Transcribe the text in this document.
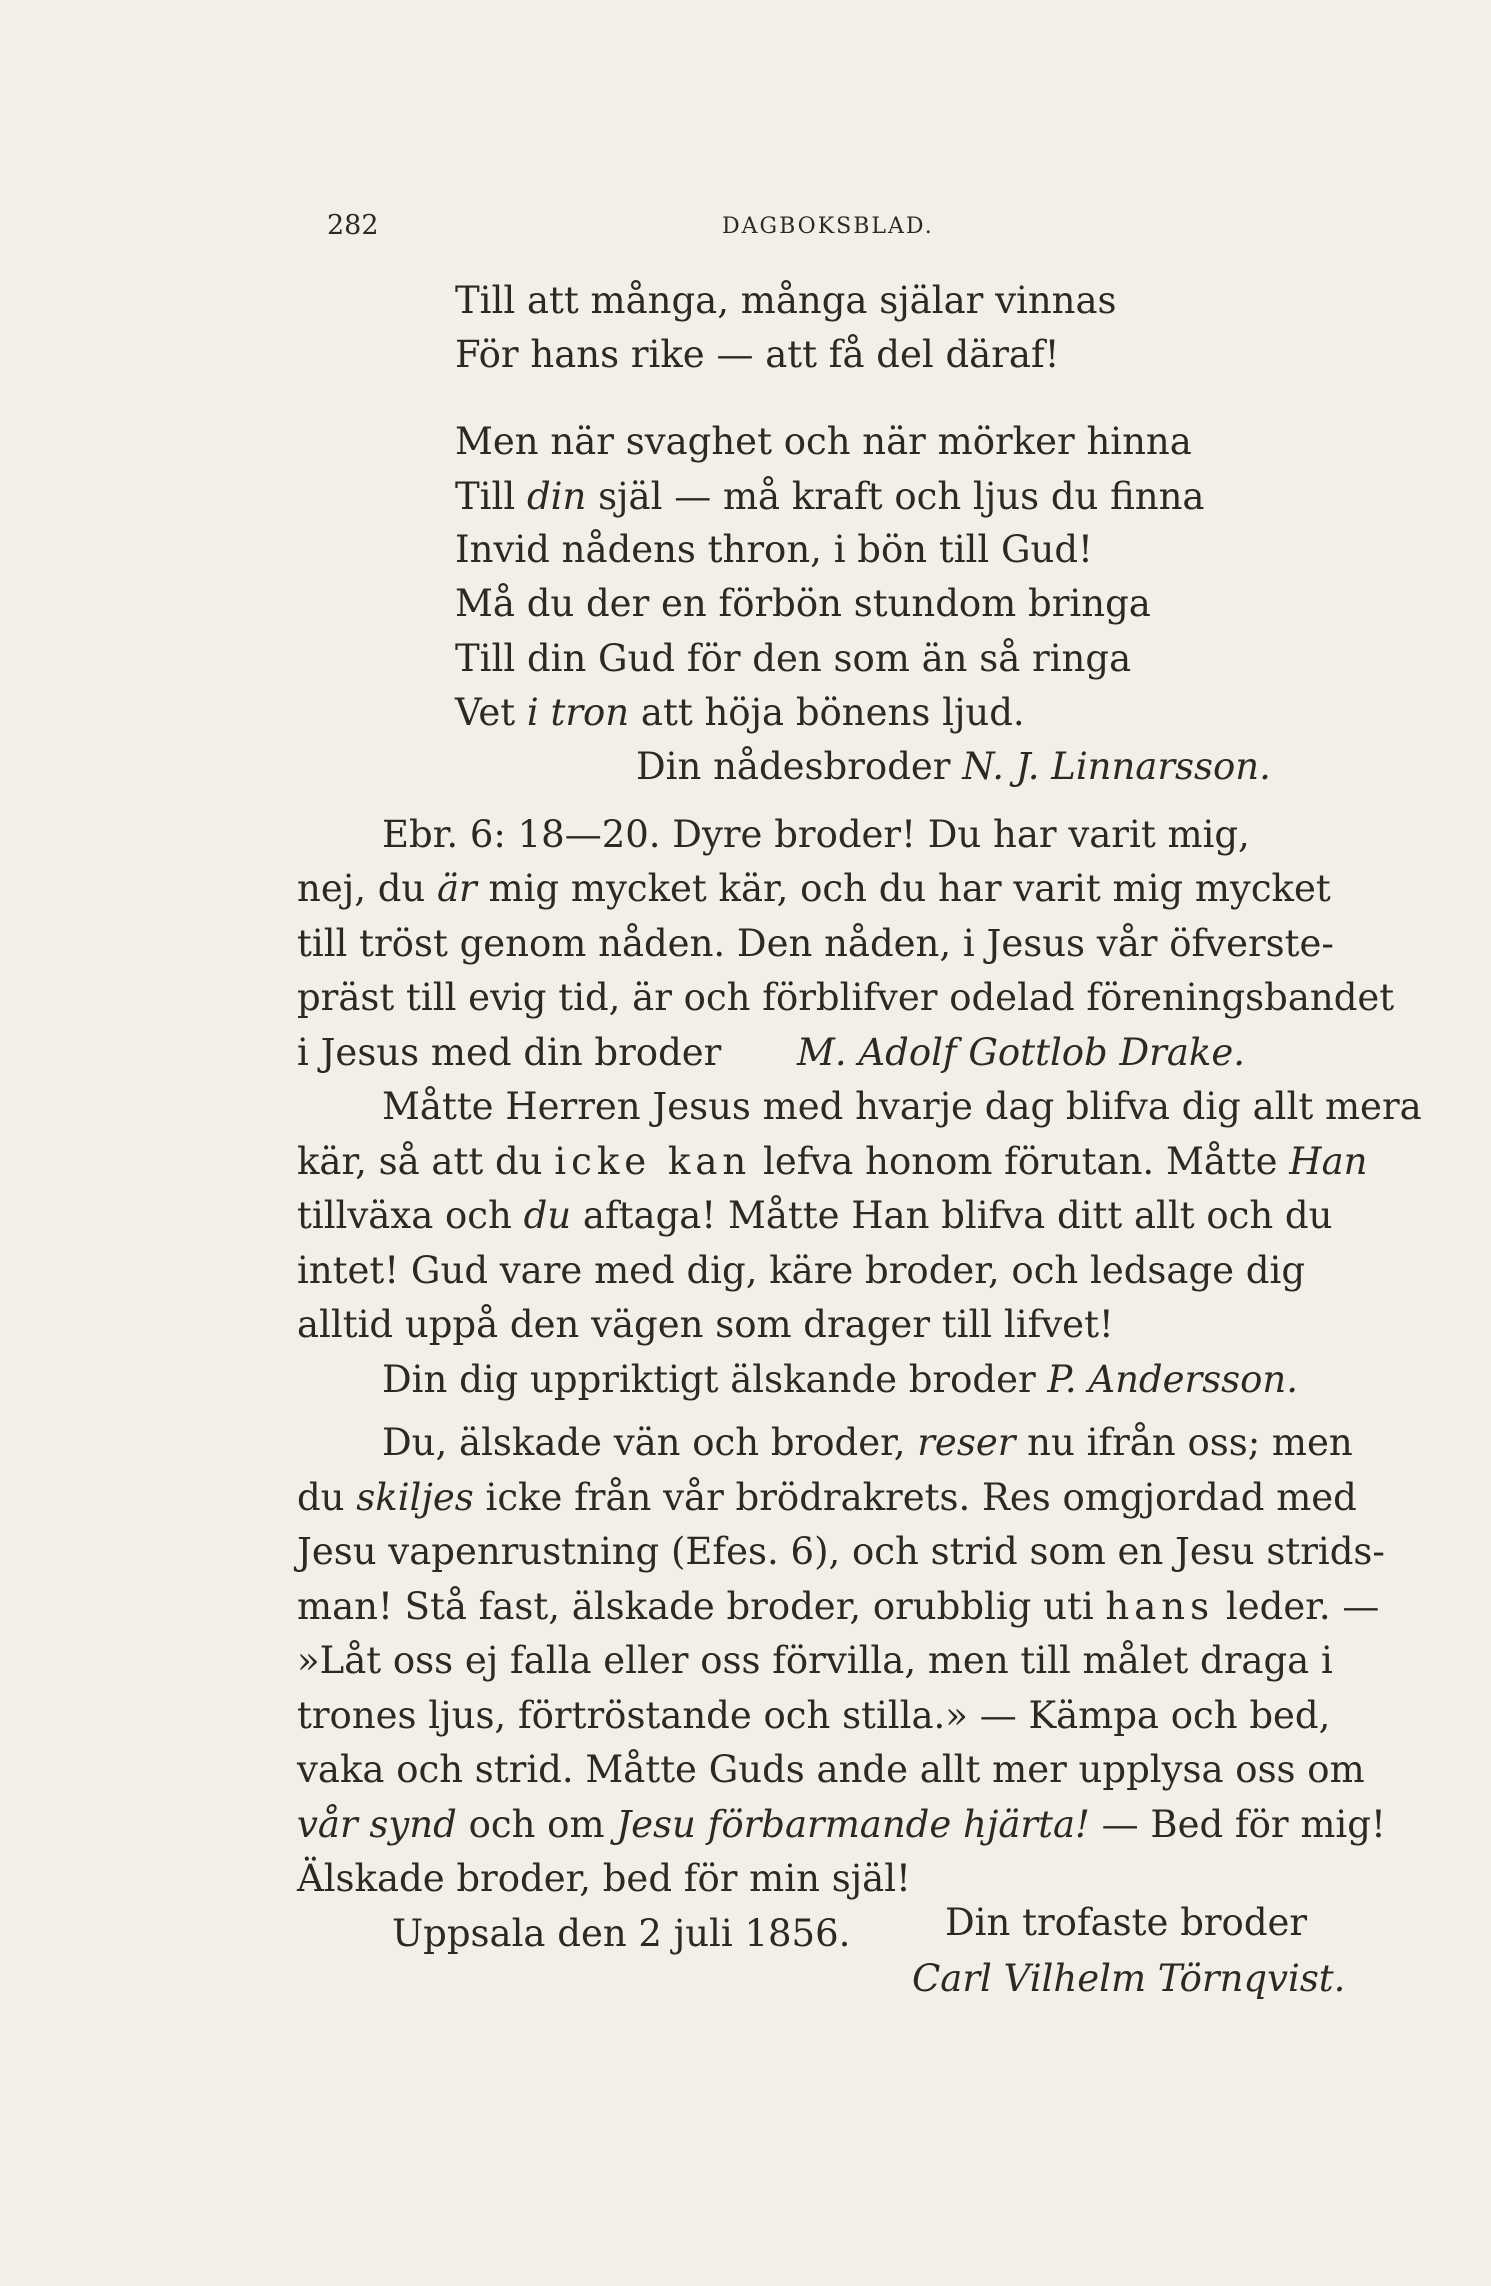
282	DAGBOKSBLAD.
Till att många, många själar vinnas
För hans rike — att få del däraf!
Men när svaghet och när mörker hinna
Till din själ — må kraft och ljus du finna
Invid nådens thron, i bön till Gud!
Må du der en förbön stundom bringa
Till din Gud för den som än så ringa
Vet i tron att höja bönens ljud.
Din nådesbroder N. J. Linnarsson.
Ebr. 6: 18—20. Dyre broder! Du har varit mig,
nej, du är mig mycket kär, och du har varit mig mycket
till tröst genom nåden. Den nåden, i Jesus vår öfverste-
präst till evig tid, är och förblifver odelad föreningsbandet
i Jesus med din broder M. Adolf Gottlob Drake.
Måtte Herren Jesus med hvarje dag blifva dig allt mera
kär, så att du icke kan lefva honom förutan. Måtte Han
tillväxa och du aftaga! Måtte Han blifva ditt allt och du
intet! Gud vare med dig, käre broder, och ledsage dig
alltid uppå den vägen som drager till lifvet!
Din dig uppriktigt älskande broder P. Andersson.
Du, älskade vän och broder, reser nu ifrån oss; men
du skiljes icke från vår brödrakrets. Res omgjordad med
Jesu vapenrustning (Efes. 6), och strid som en Jesu strids-
man! Stå fast, älskade broder, orubblig uti hans leder. —
»Låt oss ej falla eller oss förvilla, men till målet draga i
trones ljus, förtröstande och stilla.» — Kämpa och bed,
vaka och strid. Måtte Guds ande allt mer upplysa oss om
vår synd och om Jesu förbarmande hjärta! — Bed för mig!
Älskade broder, bed för min själ!
Uppsala den 2 juli 1856.	Din trofaste broder
Carl Vilhelm Törnqvist.
